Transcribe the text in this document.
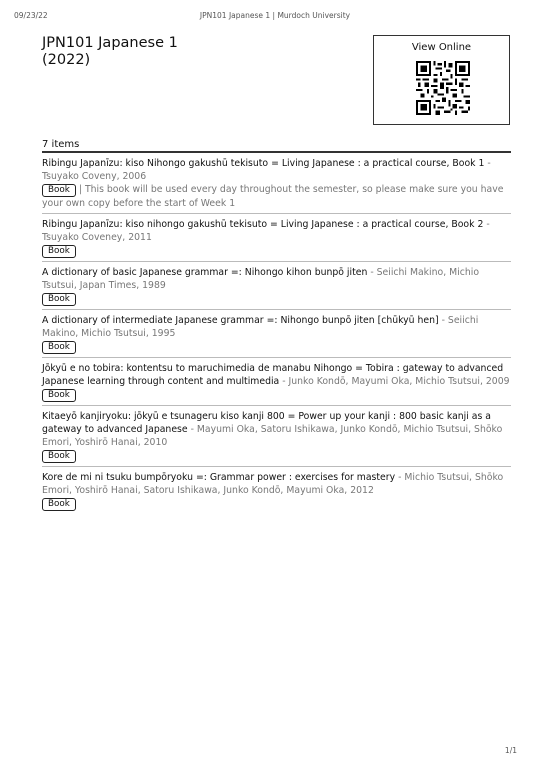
09/23/22	JPN101 Japanese 1 | Murdoch University
JPN101 Japanese 1
(2022)
View Online
7 items
Ribingu Japanīzu: kiso Nihongo gakushū tekisuto = Living Japanese : a practical course, Book 1 - Tsuyako Coveny, 2006
Book | This book will be used every day throughout the semester, so please make sure you have your own copy before the start of Week 1
Ribingu Japanīzu: kiso nihongo gakushū tekisuto = Living Japanese : a practical course, Book 2 - Tsuyako Coveney, 2011
Book
A dictionary of basic Japanese grammar =: Nihongo kihon bunpō jiten - Seiichi Makino, Michio Tsutsui, Japan Times, 1989
Book
A dictionary of intermediate Japanese grammar =: Nihongo bunpō jiten [chūkyū hen] - Seiichi Makino, Michio Tsutsui, 1995
Book
Jōkyū e no tobira: kontentsu to maruchimedia de manabu Nihongo = Tobira : gateway to advanced Japanese learning through content and multimedia - Junko Kondō, Mayumi Oka, Michio Tsutsui, 2009
Book
Kitaeyō kanjiryoku: jōkyū e tsunageru kiso kanji 800 = Power up your kanji : 800 basic kanji as a gateway to advanced Japanese - Mayumi Oka, Satoru Ishikawa, Junko Kondō, Michio Tsutsui, Shōko Emori, Yoshirō Hanai, 2010
Book
Kore de mi ni tsuku bumpōryoku =: Grammar power : exercises for mastery - Michio Tsutsui, Shōko Emori, Yoshirō Hanai, Satoru Ishikawa, Junko Kondō, Mayumi Oka, 2012
Book
1/1
